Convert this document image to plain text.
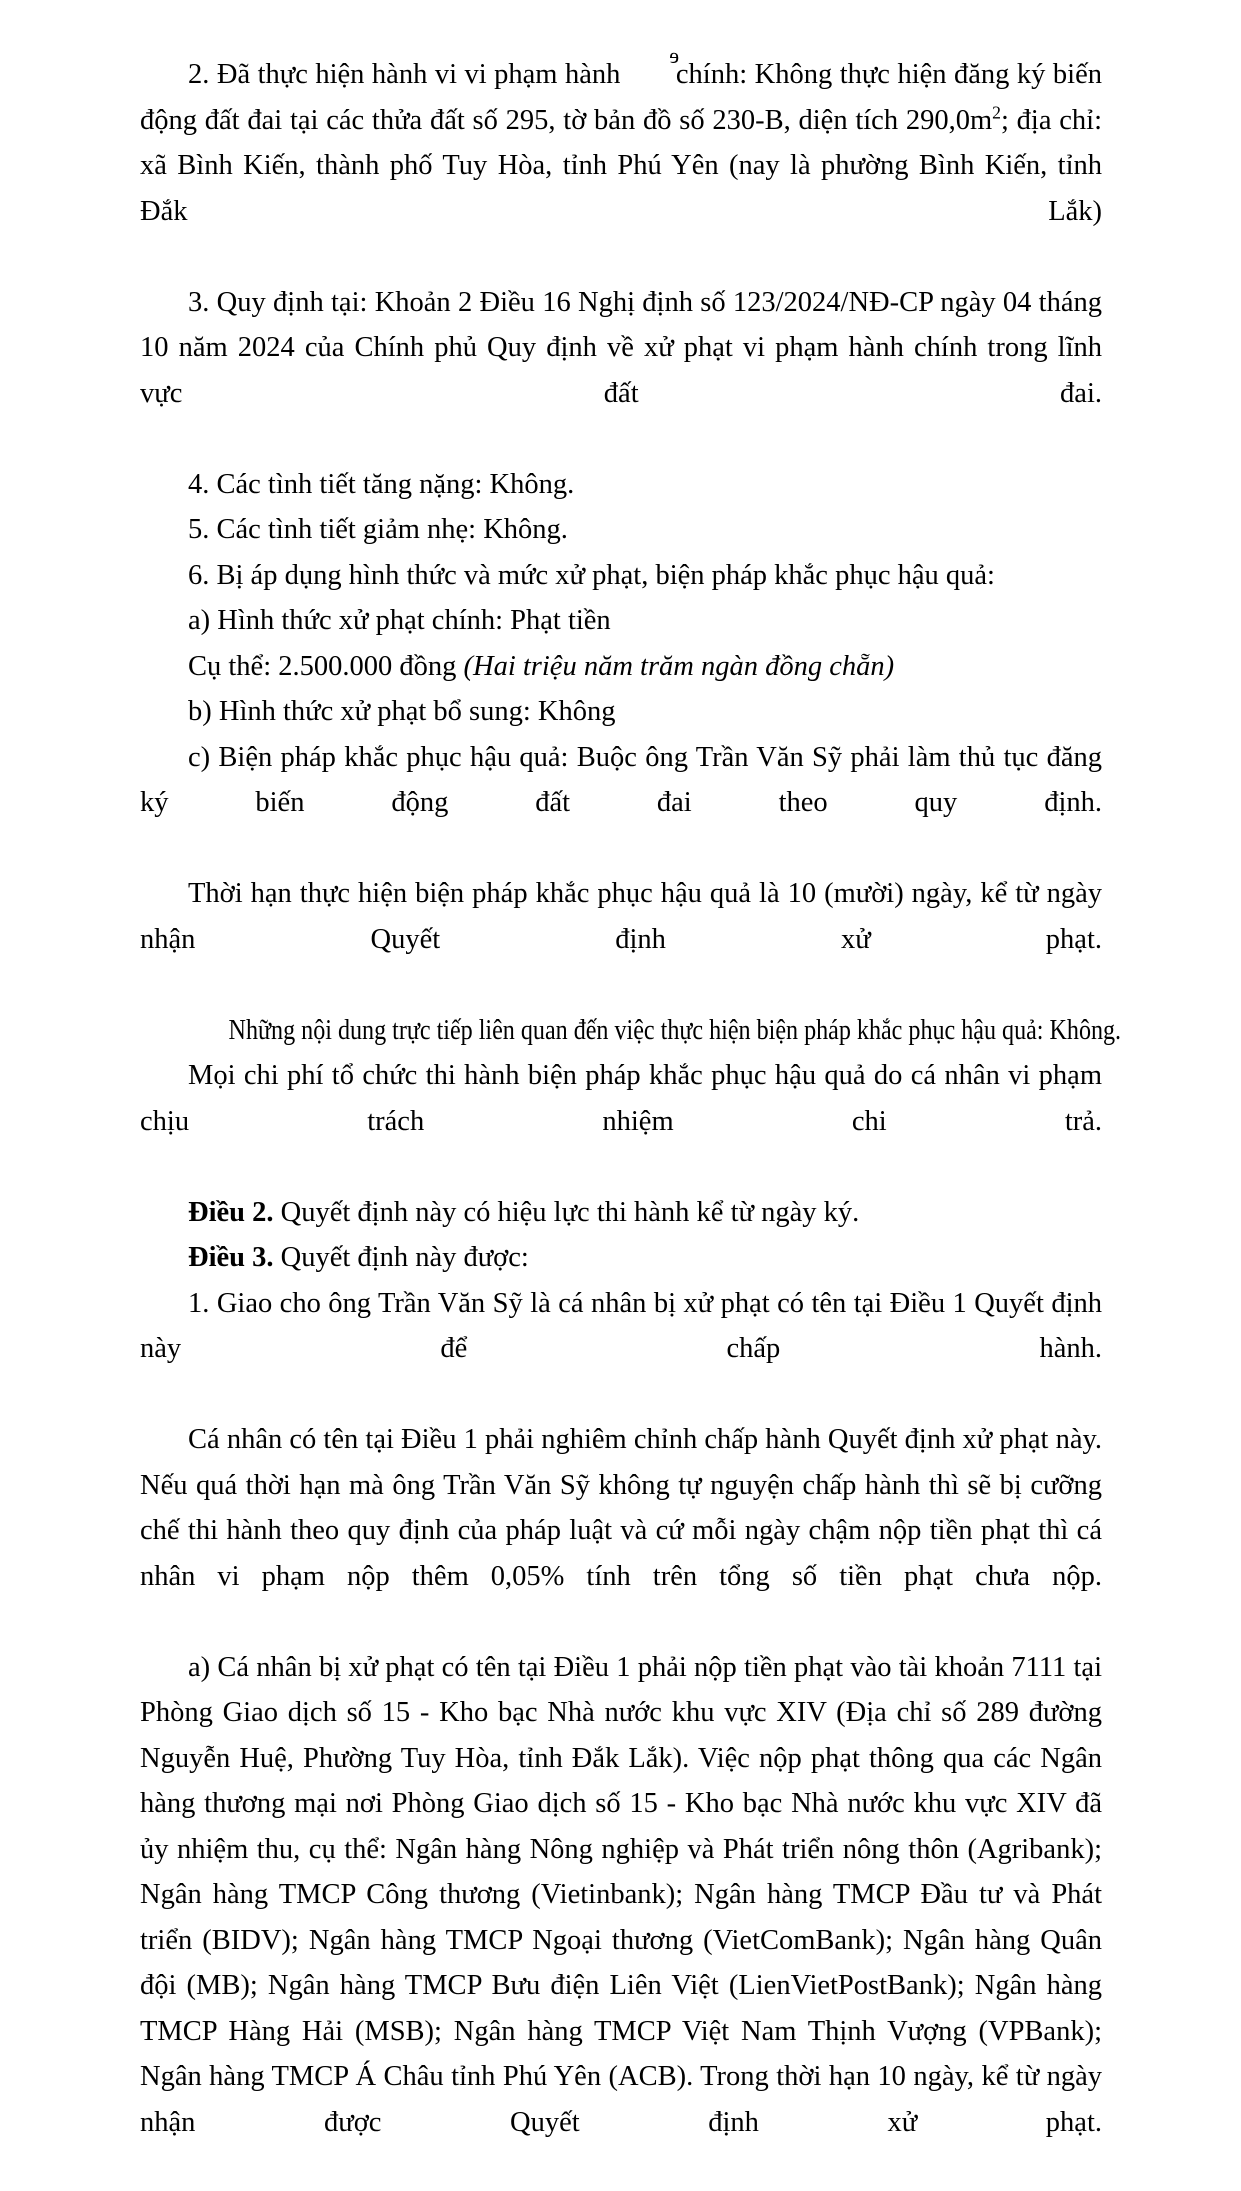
2. Đã thực hiện hành vi vi phạm hành
ɘ
chính: Không thực hiện đăng ký biến động đất đai tại các thửa đất số 295, tờ bản đồ số 230-B, diện tích $290,0m^2$; địa chỉ: xã Bình Kiến, thành phố Tuy Hòa, tỉnh Phú Yên (nay là phường Bình Kiến, tỉnh Đắk Lắk)

3. Quy định tại: Khoản 2 Điều 16 Nghị định số 123/2024/NĐ-CP ngày 04 tháng 10 năm 2024 của Chính phủ Quy định về xử phạt vi phạm hành chính trong lĩnh vực đất đai.

4. Các tình tiết tăng nặng: Không.

5. Các tình tiết giảm nhẹ: Không.

6. Bị áp dụng hình thức và mức xử phạt, biện pháp khắc phục hậu quả:

a) Hình thức xử phạt chính: Phạt tiền

Cụ thể: 2.500.000 đồng (Hai triệu năm trăm ngàn đồng chẵn)

b) Hình thức xử phạt bổ sung: Không

c) Biện pháp khắc phục hậu quả: Buộc ông Trần Văn Sỹ phải làm thủ tục đăng ký biến động đất đai theo quy định.

Thời hạn thực hiện biện pháp khắc phục hậu quả là 10 (mười) ngày, kể từ ngày nhận Quyết định xử phạt.

Những nội dung trực tiếp liên quan đến việc thực hiện biện pháp khắc phục hậu quả: Không.

Mọi chi phí tổ chức thi hành biện pháp khắc phục hậu quả do cá nhân vi phạm chịu trách nhiệm chi trả.

Điều 2. Quyết định này có hiệu lực thi hành kể từ ngày ký.

Điều 3. Quyết định này được:

1. Giao cho ông Trần Văn Sỹ là cá nhân bị xử phạt có tên tại Điều 1 Quyết định này để chấp hành.

Cá nhân có tên tại Điều 1 phải nghiêm chỉnh chấp hành Quyết định xử phạt này. Nếu quá thời hạn mà ông Trần Văn Sỹ không tự nguyện chấp hành thì sẽ bị cưỡng chế thi hành theo quy định của pháp luật và cứ mỗi ngày chậm nộp tiền phạt thì cá nhân vi phạm nộp thêm 0,05% tính trên tổng số tiền phạt chưa nộp.

a) Cá nhân bị xử phạt có tên tại Điều 1 phải nộp tiền phạt vào tài khoản 7111 tại Phòng Giao dịch số 15 - Kho bạc Nhà nước khu vực XIV (Địa chỉ số 289 đường Nguyễn Huệ, Phường Tuy Hòa, tỉnh Đắk Lắk). Việc nộp phạt thông qua các Ngân hàng thương mại nơi Phòng Giao dịch số 15 - Kho bạc Nhà nước khu vực XIV đã ủy nhiệm thu, cụ thể: Ngân hàng Nông nghiệp và Phát triển nông thôn (Agribank); Ngân hàng TMCP Công thương (Vietinbank); Ngân hàng TMCP Đầu tư và Phát triển (BIDV); Ngân hàng TMCP Ngoại thương (VietComBank); Ngân hàng Quân đội (MB); Ngân hàng TMCP Bưu điện Liên Việt (LienVietPostBank); Ngân hàng TMCP Hàng Hải (MSB); Ngân hàng TMCP Việt Nam Thịnh Vượng (VPBank); Ngân hàng TMCP Á Châu tỉnh Phú Yên (ACB). Trong thời hạn 10 ngày, kể từ ngày nhận được Quyết định xử phạt.
